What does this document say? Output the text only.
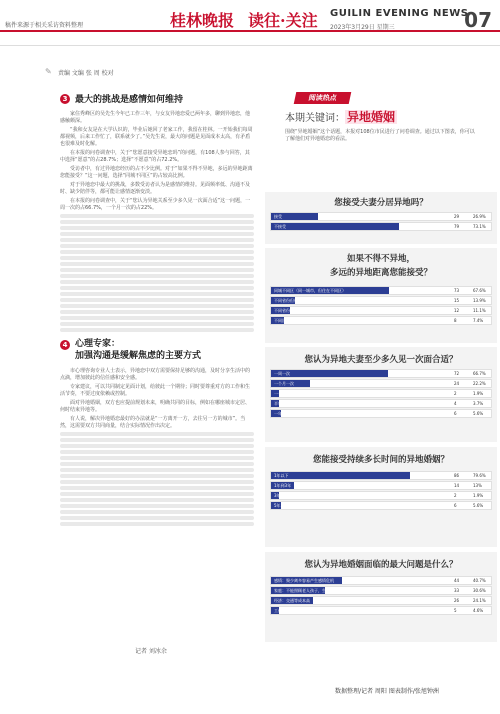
稿件来源于相关采访资料整理	桂林晚报 读往·关注 GUILIN EVENING NEWS
2023年3月29日 星期三	07
✎	责编 文编 张 周 校对
3 最大的挑战是感情如何维持

家住秀峰区的吴先生今年已工作三年，与女友异地恋爱已两年多，聊到异地恋，他感触颇深。

“我和女友是在大学认识的，毕业后她回了老家工作，我留在桂林。一开始我们每周都视频，后来工作忙了，联系就少了。”吴先生说，最大的问题是见面成本太高，有矛盾也很难及时化解。

在本报的问卷调查中，关于“您愿意接受异地恋吗”的问题，有108人参与回答，其中选择“愿意”的占28.7%；选择“不愿意”的占72.2%。

受访者中，有过异地恋经历的占不少比例。对于“如果不得不异地，多远的异地距离您能接受？”这一问题，选择“同城不同区”的占较高比例。

对于异地恋中最大的挑战，多数受访者认为是感情的维持。见面频率低、沟通不及时、缺少陪伴等，都可能让感情逐渐变淡。

在本报的问卷调查中，关于“您认为异地关系至少多久见一次面合适”这一问题，一周一次的占66.7%，一个月一次的占22%。

4 心理专家：
加强沟通是缓解焦虑的主要方式

市心理咨询专业人士表示，异地恋中双方需要保持足够的沟通，及时分享生活中的点滴，增加彼此的信任感和安全感。

专家建议，可以共同制定见面计划，给彼此一个期待；同时要尊重对方的工作和生活节奏，不要过度依赖或控制。

面对异地婚姻，双方也应提前规划未来，明确共同的目标，例如在哪座城市定居、何时结束异地等。

有人说，解决异地婚恋最好的办法就是“一方离开一方，去往另一方的城市”。当然，这需要双方共同商量，结合实际情况作出决定。

记者 刘冰余
阅读热点
本期关键词： 异地婚姻
围绕“异地婚姻”这个话题，本报对108位市民进行了问卷调查。通过以下图表，你可以了解他们对异地婚恋的看法。
您接受夫妻分居异地吗？
接受	29	26.9%
不接受	79	73.1%
如果不得不异地，
多远的异地距离您能接受？
同城不同区（同一城市，但住在不同区）	73	67.6%
不同省份但相邻（如：桂林和柳州）	15	13.9%
不同省份但距离较近	12	11.1%
不同国家或地区，但距离较远	8	7.4%
您认为异地夫妻至少多久见一次面合适？
一周一次	72	66.7%
一个月一次	24	22.2%
一个季度一次	2	1.9%
半年一次	4	3.7%
一年一次	6	5.6%
您能接受持续多长时间的异地婚姻？
1年以下	86	79.6%
1年到3年	14	13%
3年到5年	2	1.9%
5年以上	6	5.6%
您认为异地婚姻面临的最大问题是什么？
感情：聚少离多容易产生感情危机	44	40.7%
家庭：不能照顾老人孩子，生活不便	33	30.6%
经济：交通等成本高	26	24.1%
工作：分居影响工作	5	4.6%
数据整理/记者 周阳 图表制作/张旭钟洲
